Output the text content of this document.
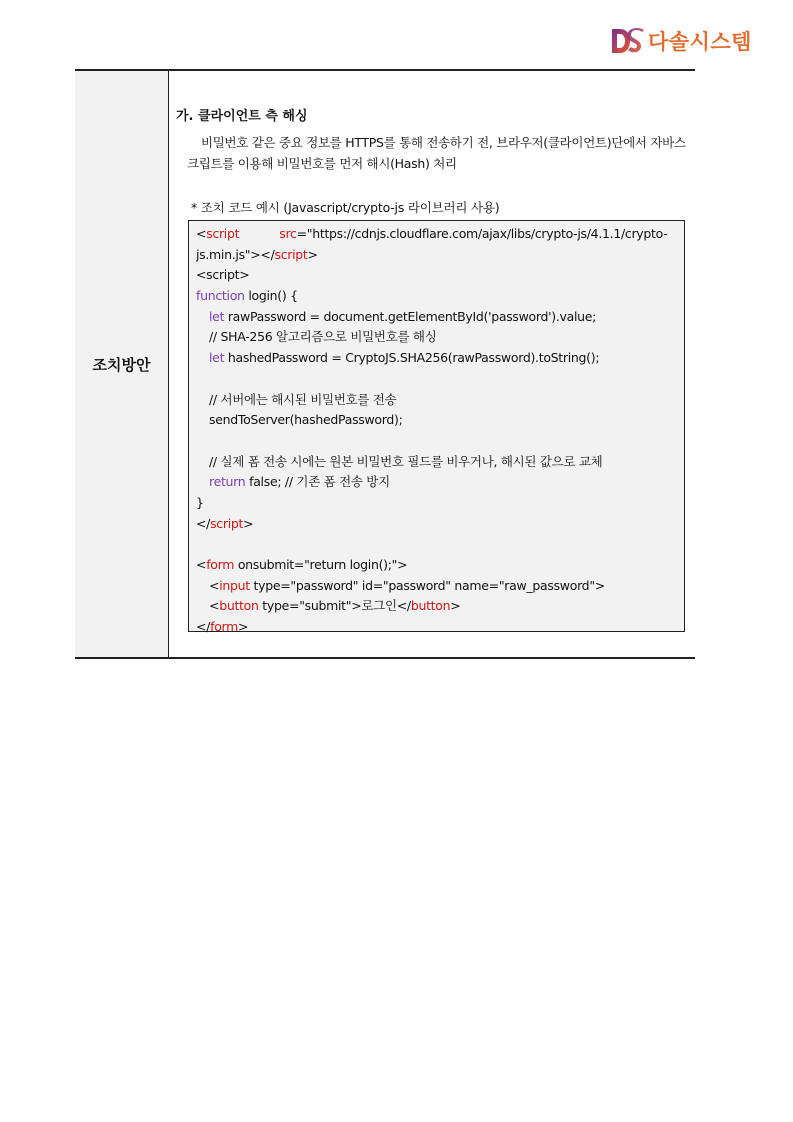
다솔시스템
조치방안
가. 클라이언트 측 해싱
비밀번호 같은 중요 정보를 HTTPS를 통해 전송하기 전, 브라우저(클라이언트)단에서 자바스크립트를 이용해 비밀번호를 먼저 해시(Hash) 처리
* 조치 코드 예시 (Javascript/crypto-js 라이브러리 사용)
<script	src="https://cdnjs.cloudflare.com/ajax/libs/crypto-js/4.1.1/crypto-
js.min.js"></script>
<script>
function login() {
let rawPassword = document.getElementById('password').value;
// SHA-256 알고리즘으로 비밀번호를 해싱
let hashedPassword = CryptoJS.SHA256(rawPassword).toString();
// 서버에는 해시된 비밀번호를 전송
sendToServer(hashedPassword);
// 실제 폼 전송 시에는 원본 비밀번호 필드를 비우거나, 해시된 값으로 교체
return false; // 기존 폼 전송 방지
}
</script>
<form onsubmit="return login();">
<input type="password" id="password" name="raw_password">
<button type="submit">로그인</button>
</form>
